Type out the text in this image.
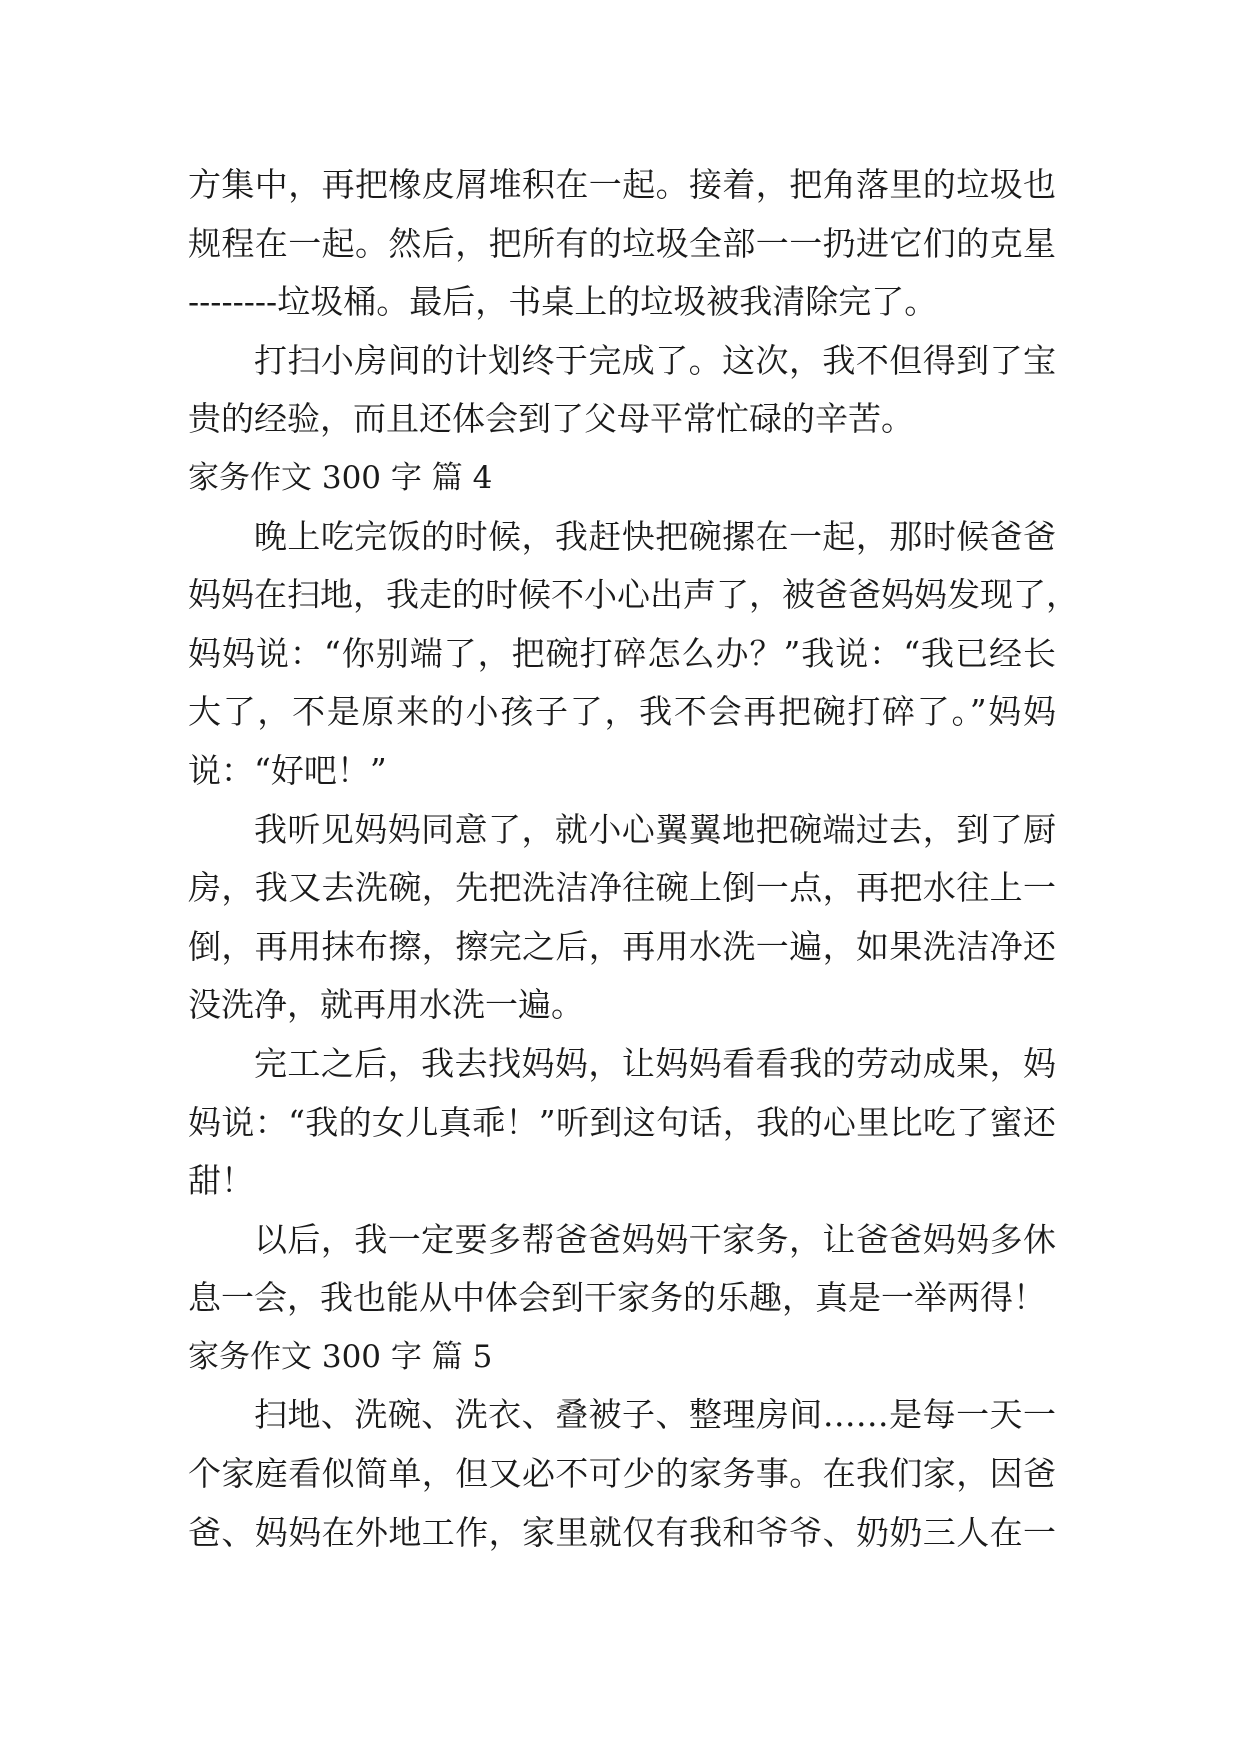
方集中，再把橡皮屑堆积在一起。接着，把角落里的垃圾也
规程在一起。然后，把所有的垃圾全部一一扔进它们的克星
--------垃圾桶。最后，书桌上的垃圾被我清除完了。
打扫小房间的计划终于完成了。这次，我不但得到了宝
贵的经验，而且还体会到了父母平常忙碌的辛苦。
家务作文 300 字 篇 4
晚上吃完饭的时候，我赶快把碗摞在一起，那时候爸爸
妈妈在扫地，我走的时候不小心出声了，被爸爸妈妈发现了，
妈妈说：“你别端了，把碗打碎怎么办？”我说：“我已经长
大了，不是原来的小孩子了，我不会再把碗打碎了。”妈妈
说：“好吧！”
我听见妈妈同意了，就小心翼翼地把碗端过去，到了厨
房，我又去洗碗，先把洗洁净往碗上倒一点，再把水往上一
倒，再用抹布擦，擦完之后，再用水洗一遍，如果洗洁净还
没洗净，就再用水洗一遍。
完工之后，我去找妈妈，让妈妈看看我的劳动成果，妈
妈说：“我的女儿真乖！”听到这句话，我的心里比吃了蜜还
甜！
以后，我一定要多帮爸爸妈妈干家务，让爸爸妈妈多休
息一会，我也能从中体会到干家务的乐趣，真是一举两得！
家务作文 300 字 篇 5
扫地、洗碗、洗衣、叠被子、整理房间……是每一天一
个家庭看似简单，但又必不可少的家务事。在我们家，因爸
爸、妈妈在外地工作，家里就仅有我和爷爷、奶奶三人在一
